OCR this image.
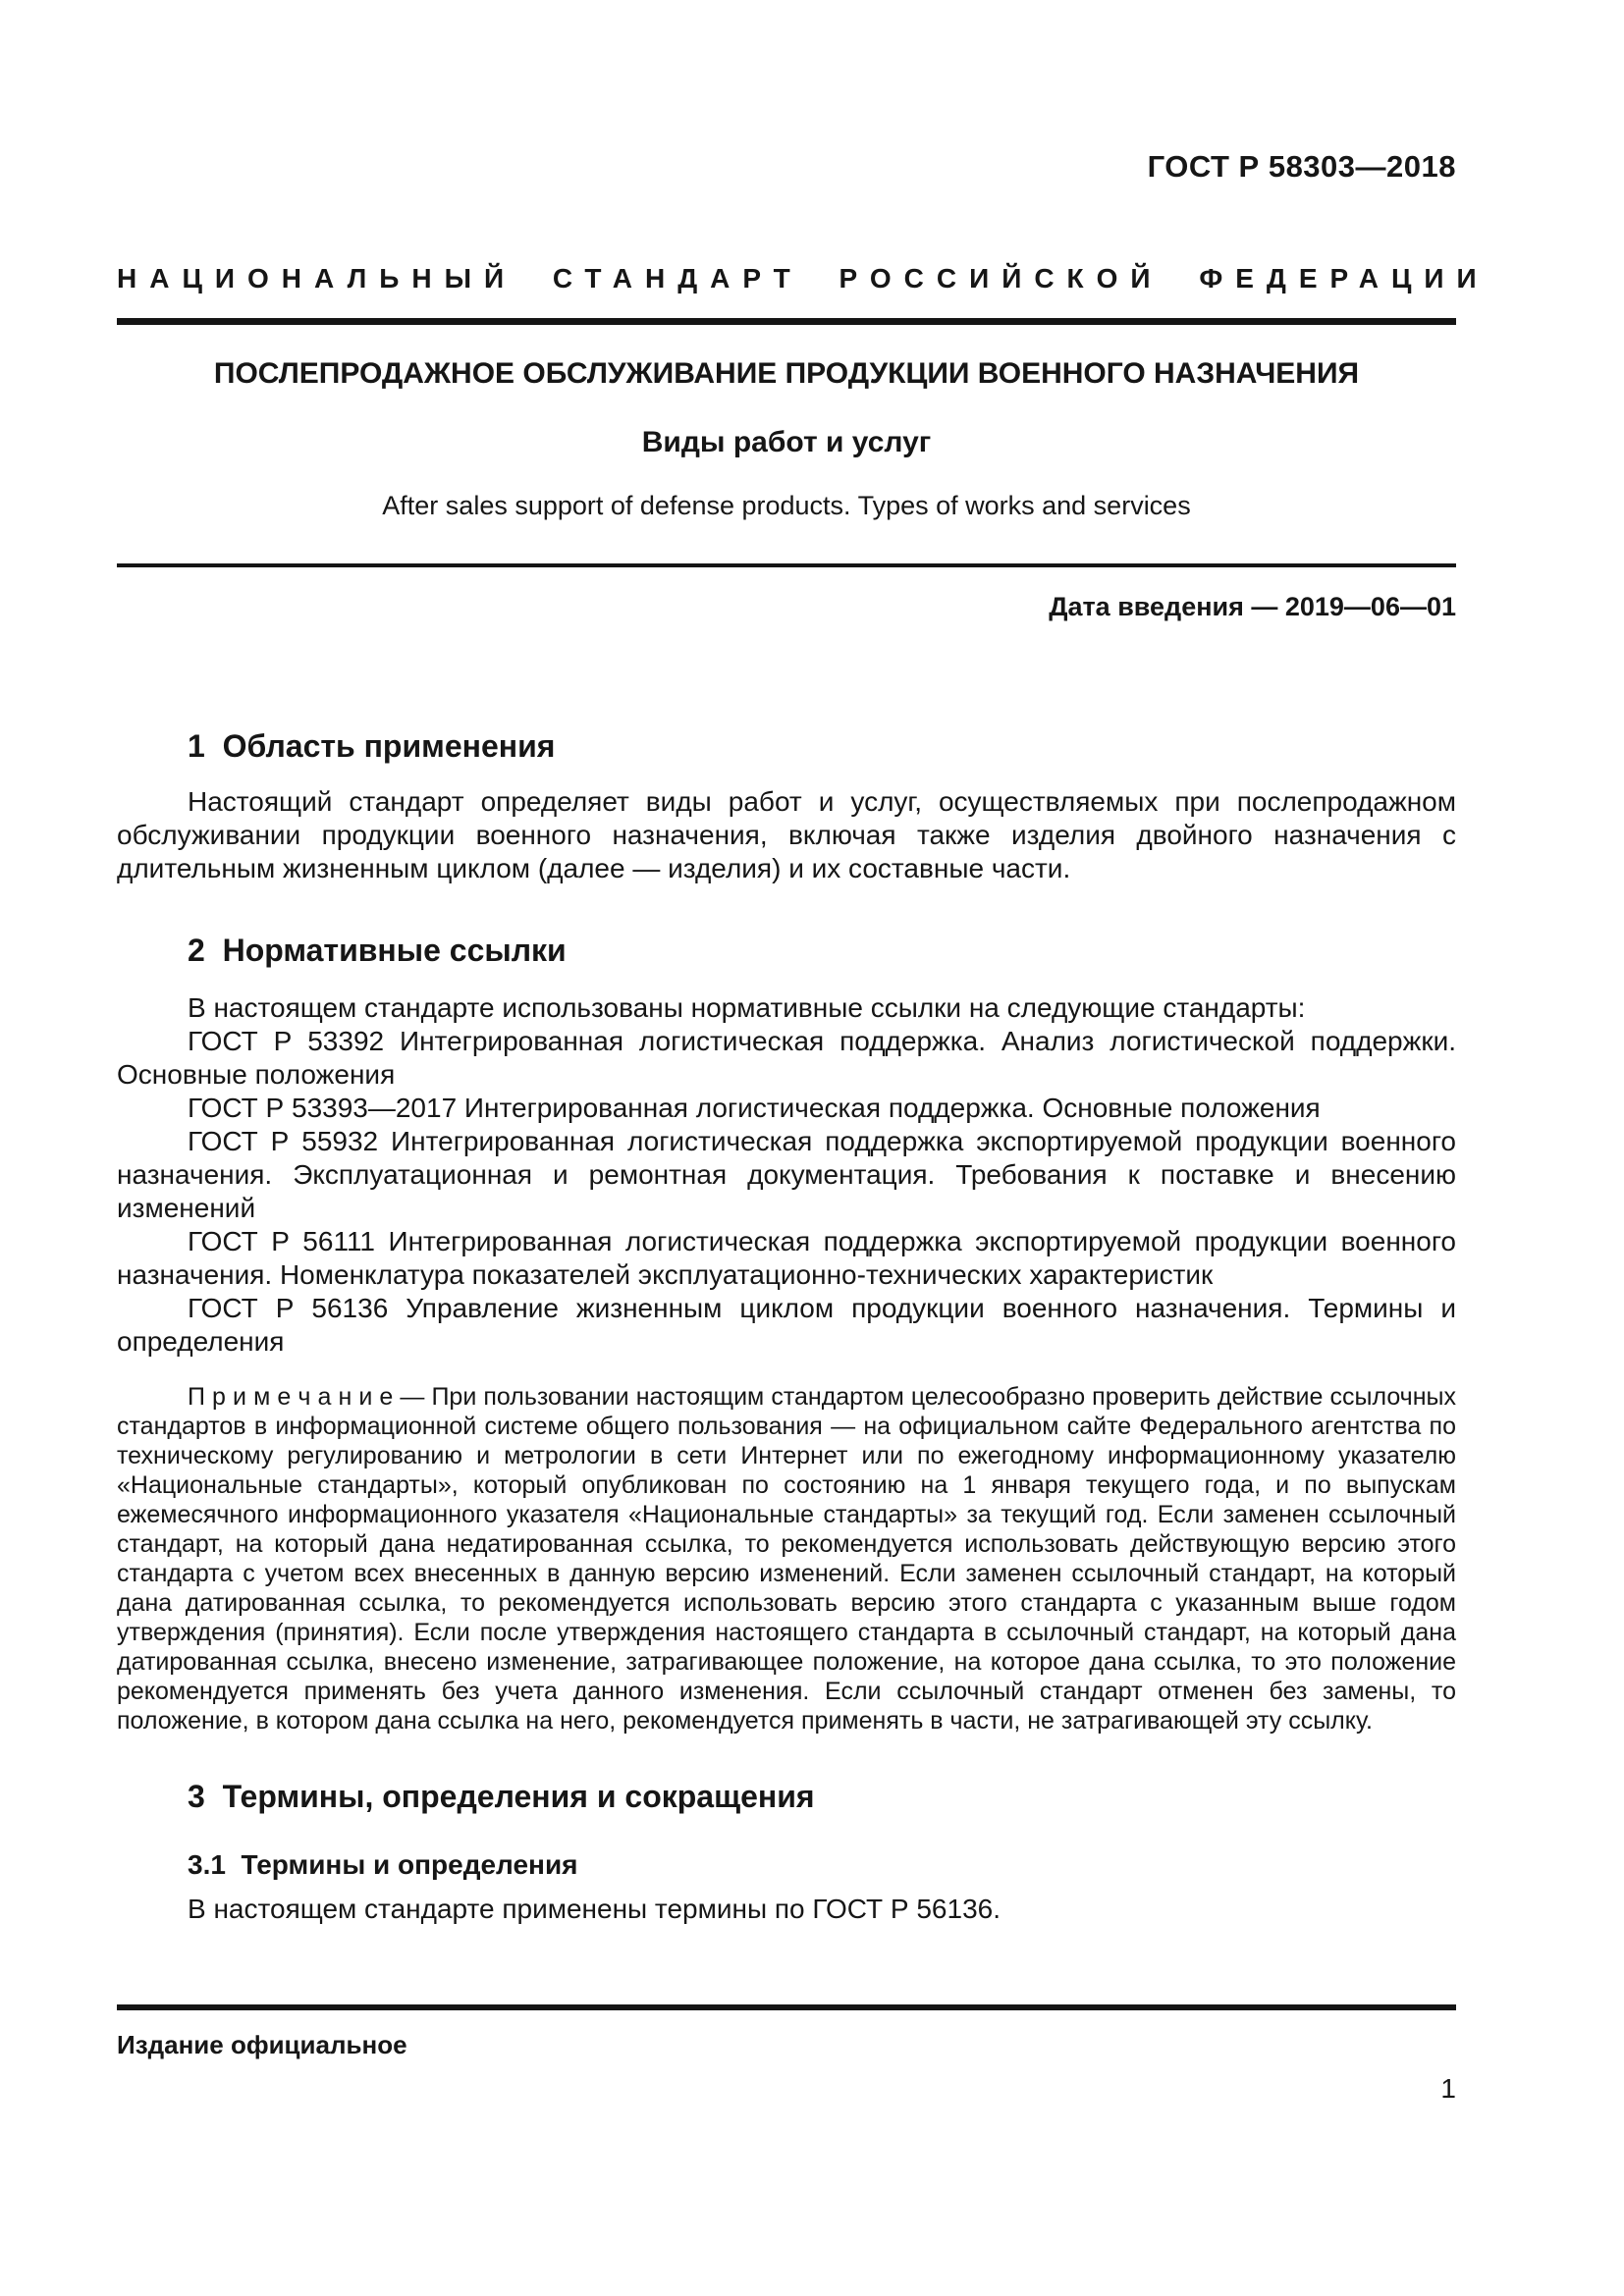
ГОСТ Р 58303—2018
НАЦИОНАЛЬНЫЙ СТАНДАРТ РОССИЙСКОЙ ФЕДЕРАЦИИ
ПОСЛЕПРОДАЖНОЕ ОБСЛУЖИВАНИЕ ПРОДУКЦИИ ВОЕННОГО НАЗНАЧЕНИЯ
Виды работ и услуг
After sales support of defense products. Types of works and services
Дата введения — 2019—06—01
1  Область применения

Настоящий стандарт определяет виды работ и услуг, осуществляемых при послепродажном обслуживании продукции военного назначения, включая также изделия двойного назначения с длительным жизненным циклом (далее — изделия) и их составные части.

2  Нормативные ссылки

В настоящем стандарте использованы нормативные ссылки на следующие стандарты:

ГОСТ Р 53392 Интегрированная логистическая поддержка. Анализ логистической поддержки. Основные положения

ГОСТ Р 53393—2017 Интегрированная логистическая поддержка. Основные положения

ГОСТ Р 55932 Интегрированная логистическая поддержка экспортируемой продукции военного назначения. Эксплуатационная и ремонтная документация. Требования к поставке и внесению изменений

ГОСТ Р 56111 Интегрированная логистическая поддержка экспортируемой продукции военного назначения. Номенклатура показателей эксплуатационно-технических характеристик

ГОСТ Р 56136 Управление жизненным циклом продукции военного назначения. Термины и определения

П р и м е ч а н и е — При пользовании настоящим стандартом целесообразно проверить действие ссылочных стандартов в информационной системе общего пользования — на официальном сайте Федерального агентства по техническому регулированию и метрологии в сети Интернет или по ежегодному информационному указателю «Национальные стандарты», который опубликован по состоянию на 1 января текущего года, и по выпускам ежемесячного информационного указателя «Национальные стандарты» за текущий год. Если заменен ссылочный стандарт, на который дана недатированная ссылка, то рекомендуется использовать действующую версию этого стандарта с учетом всех внесенных в данную версию изменений. Если заменен ссылочный стандарт, на который дана датированная ссылка, то рекомендуется использовать версию этого стандарта с указанным выше годом утверждения (принятия). Если после утверждения настоящего стандарта в ссылочный стандарт, на который дана датированная ссылка, внесено изменение, затрагивающее положение, на которое дана ссылка, то это положение рекомендуется применять без учета данного изменения. Если ссылочный стандарт отменен без замены, то положение, в котором дана ссылка на него, рекомендуется применять в части, не затрагивающей эту ссылку.
3  Термины, определения и сокращения
3.1  Термины и определения

В настоящем стандарте применены термины по ГОСТ Р 56136.

Издание официальное
1
